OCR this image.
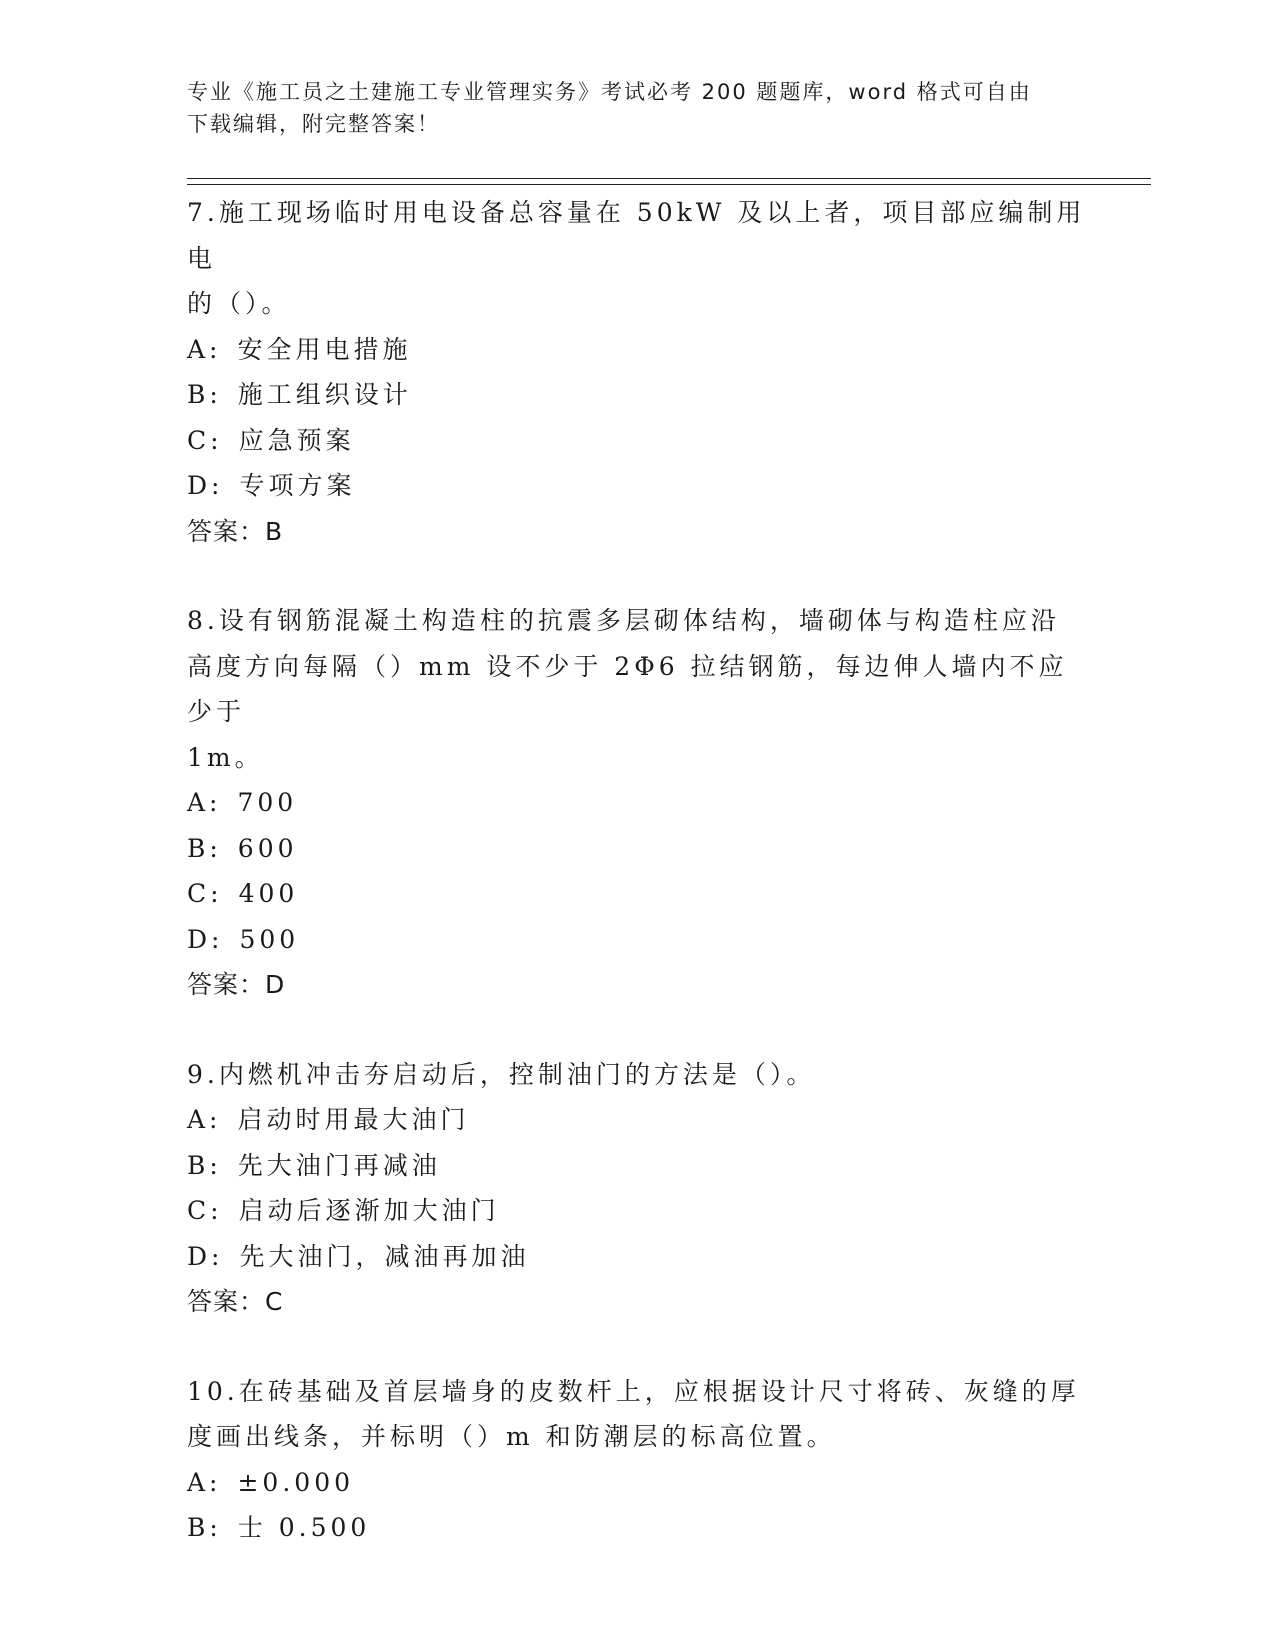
专业《施工员之土建施工专业管理实务》考试必考 200 题题库，word 格式可自由
下载编辑，附完整答案！

7.施工现场临时用电设备总容量在 50kW 及以上者，项目部应编制用电

的（）。

A: 安全用电措施

B: 施工组织设计

C: 应急预案

D: 专项方案

答案：B

8.设有钢筋混凝土构造柱的抗震多层砌体结构，墙砌体与构造柱应沿

高度方向每隔（）mm 设不少于 2Φ6 拉结钢筋，每边伸人墙内不应少于

1m。

A: 700

B: 600

C: 400

D: 500

答案：D

9.内燃机冲击夯启动后，控制油门的方法是（）。

A: 启动时用最大油门

B: 先大油门再减油

C: 启动后逐渐加大油门

D: 先大油门，减油再加油

答案：C

10.在砖基础及首层墙身的皮数杆上，应根据设计尺寸将砖、灰缝的厚

度画出线条，并标明（）m 和防潮层的标高位置。

A: ±0.000

B: 士 0.500
